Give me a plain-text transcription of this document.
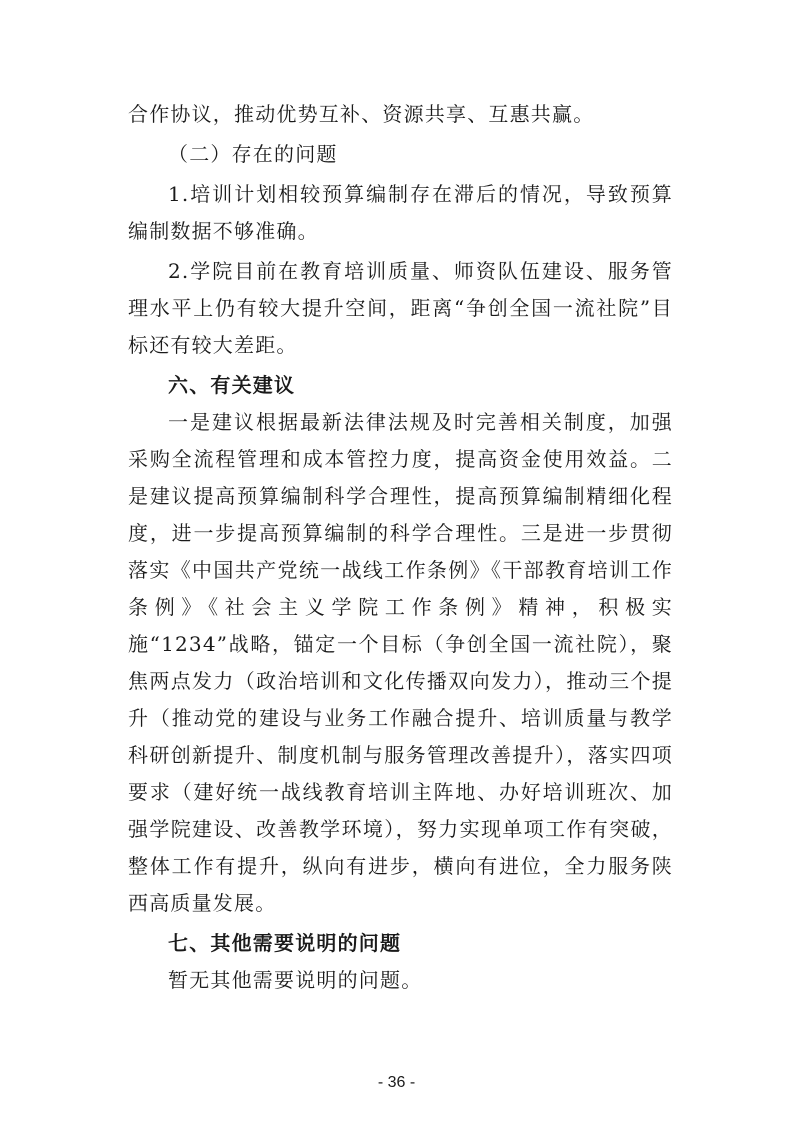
合作协议，推动优势互补、资源共享、互惠共赢。

（二）存在的问题

1.培训计划相较预算编制存在滞后的情况，导致预算编制数据不够准确。

2.学院目前在教育培训质量、师资队伍建设、服务管理水平上仍有较大提升空间，距离“争创全国一流社院”目标还有较大差距。

六、有关建议

一是建议根据最新法律法规及时完善相关制度，加强采购全流程管理和成本管控力度，提高资金使用效益。二是建议提高预算编制科学合理性，提高预算编制精细化程度，进一步提高预算编制的科学合理性。三是进一步贯彻落实《中国共产党统一战线工作条例》《干部教育培训工作条例》《社会主义学院工作条例》精神，积极实施“1234”战略，锚定一个目标（争创全国一流社院），聚焦两点发力（政治培训和文化传播双向发力），推动三个提升（推动党的建设与业务工作融合提升、培训质量与教学科研创新提升、制度机制与服务管理改善提升），落实四项要求（建好统一战线教育培训主阵地、办好培训班次、加强学院建设、改善教学环境），努力实现单项工作有突破，整体工作有提升，纵向有进步，横向有进位，全力服务陕西高质量发展。

七、其他需要说明的问题

暂无其他需要说明的问题。

- 36 -
